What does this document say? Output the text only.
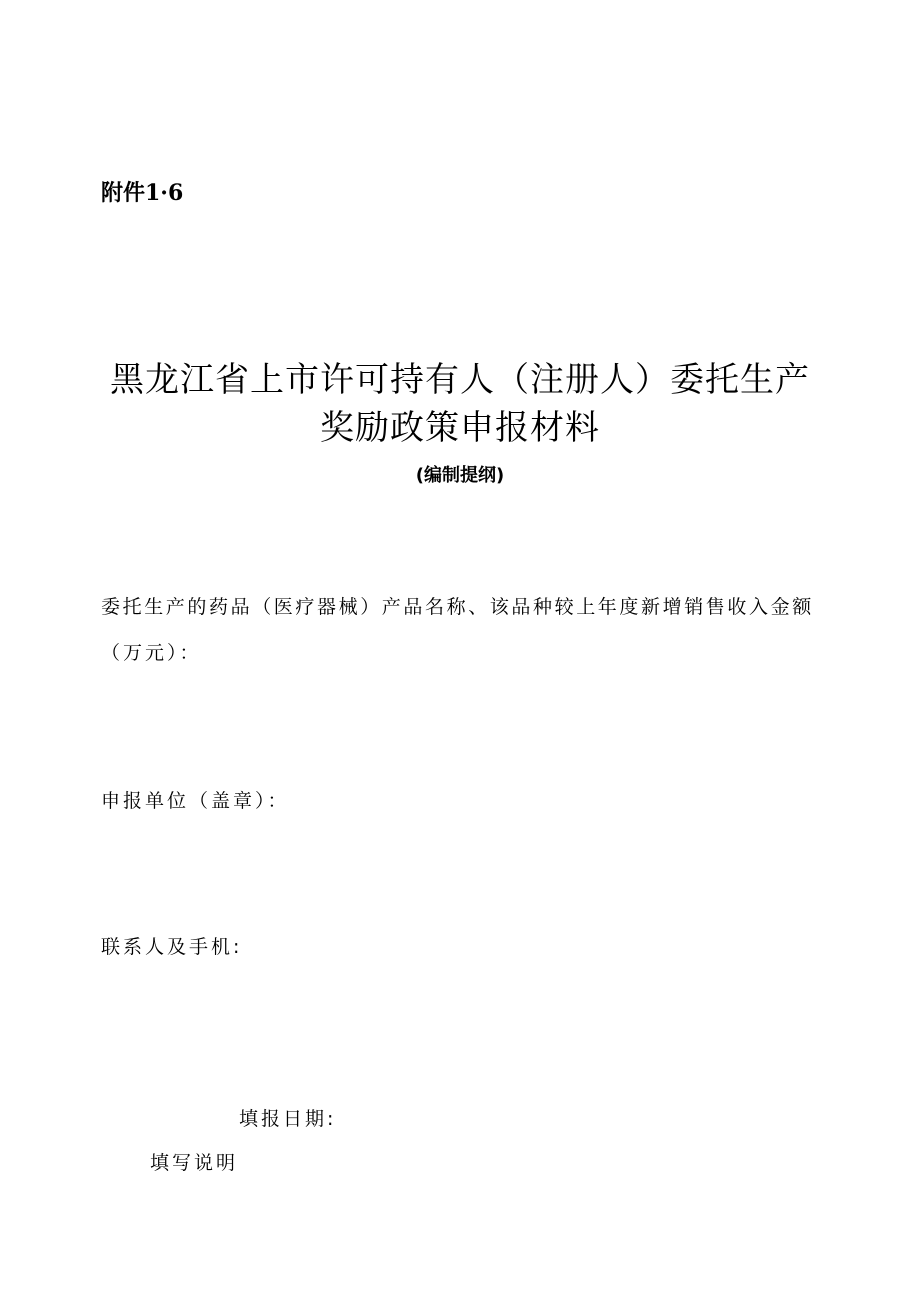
附件1·6
黑龙江省上市许可持有人（注册人）委托生产
奖励政策申报材料
(编制提纲)
委托生产的药品（医疗器械）产品名称、该品种较上年度新增销售收入金额
（万元）：
申报单位（盖章）：
联系人及手机:
填报日期:
填写说明
